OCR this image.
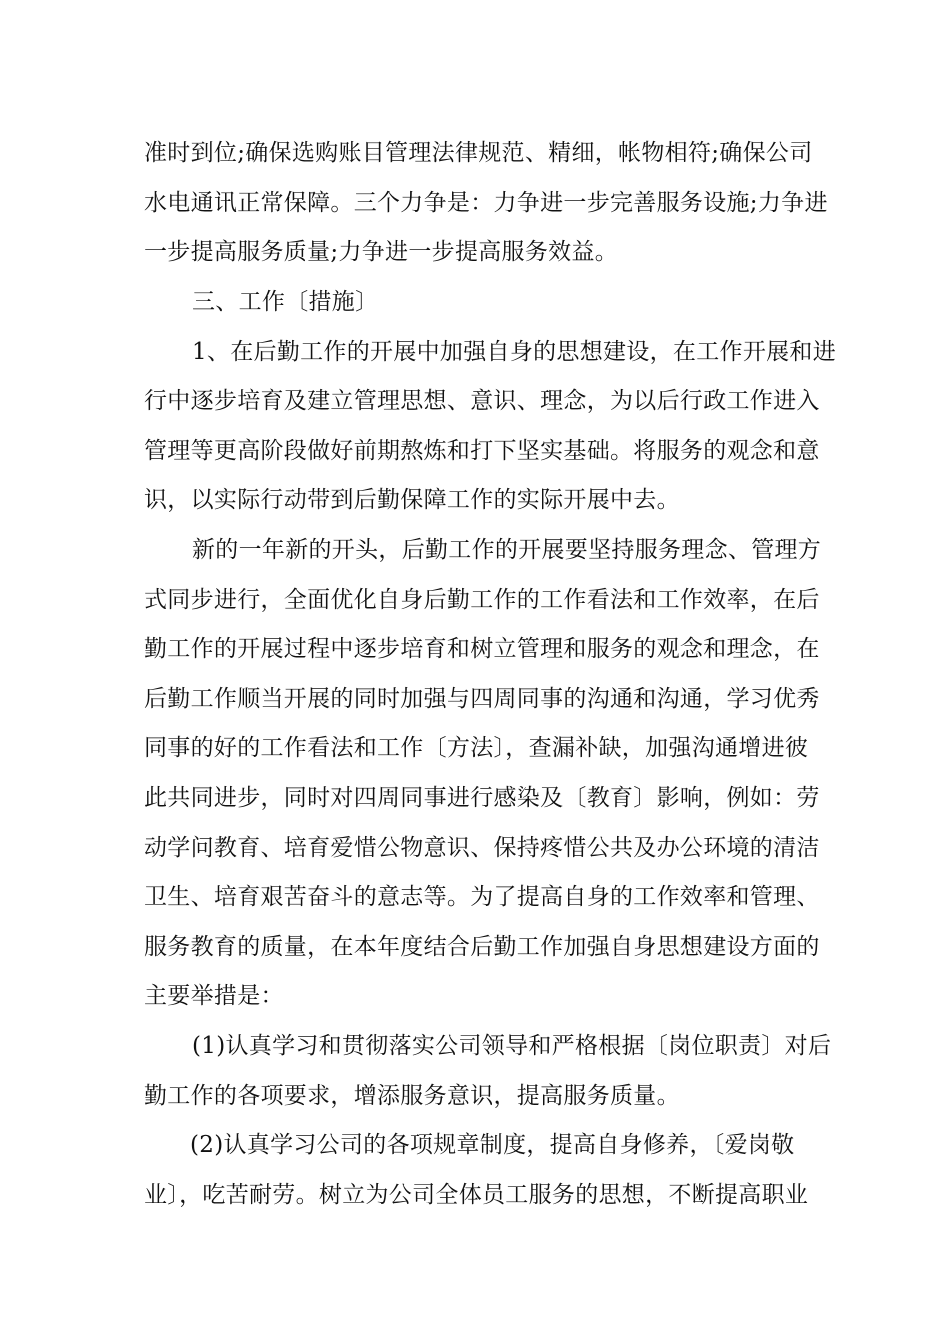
准时到位;确保选购账目管理法律规范、精细，帐物相符;确保公司
水电通讯正常保障。三个力争是：力争进一步完善服务设施;力争进
一步提高服务质量;力争进一步提高服务效益。
三、工作〔措施〕
1、在后勤工作的开展中加强自身的思想建设，在工作开展和进
行中逐步培育及建立管理思想、意识、理念，为以后行政工作进入
管理等更高阶段做好前期熬炼和打下坚实基础。将服务的观念和意
识，以实际行动带到后勤保障工作的实际开展中去。
新的一年新的开头，后勤工作的开展要坚持服务理念、管理方
式同步进行，全面优化自身后勤工作的工作看法和工作效率，在后
勤工作的开展过程中逐步培育和树立管理和服务的观念和理念，在
后勤工作顺当开展的同时加强与四周同事的沟通和沟通，学习优秀
同事的好的工作看法和工作〔方法〕，查漏补缺，加强沟通增进彼
此共同进步，同时对四周同事进行感染及〔教育〕影响，例如：劳
动学问教育、培育爱惜公物意识、保持疼惜公共及办公环境的清洁
卫生、培育艰苦奋斗的意志等。为了提高自身的工作效率和管理、
服务教育的质量，在本年度结合后勤工作加强自身思想建设方面的
主要举措是：
(1)认真学习和贯彻落实公司领导和严格根据〔岗位职责〕对后
勤工作的各项要求，增添服务意识，提高服务质量。
(2)认真学习公司的各项规章制度，提高自身修养，〔爱岗敬
业〕，吃苦耐劳。树立为公司全体员工服务的思想，不断提高职业
